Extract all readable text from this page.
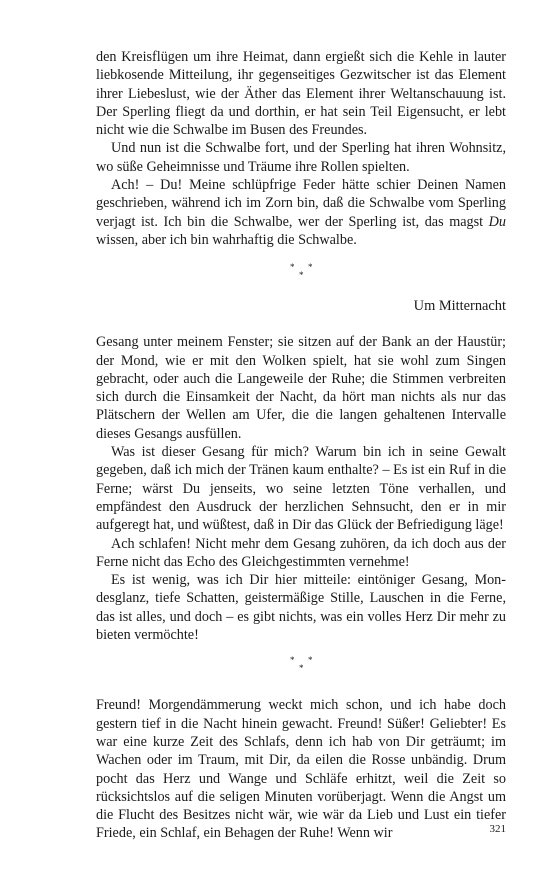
den Kreisflügen um ihre Heimat, dann ergießt sich die Kehle in lauter liebkosende Mitteilung, ihr gegenseitiges Gezwitscher ist das Element ihrer Liebeslust, wie der Äther das Element ihrer Weltanschauung ist. Der Sperling fliegt da und dorthin, er hat sein Teil Eigensucht, er lebt nicht wie die Schwalbe im Busen des Freundes.

Und nun ist die Schwalbe fort, und der Sperling hat ihren Wohnsitz, wo süße Geheimnisse und Träume ihre Rollen spielten.

Ach! – Du! Meine schlüpfrige Feder hätte schier Deinen Namen geschrieben, während ich im Zorn bin, daß die Schwalbe vom Sperling verjagt ist. Ich bin die Schwalbe, wer der Sperling ist, das magst Du wissen, aber ich bin wahrhaftig die Schwalbe.

* *
*
Um Mitternacht

Gesang unter meinem Fenster; sie sitzen auf der Bank an der Haustür; der Mond, wie er mit den Wolken spielt, hat sie wohl zum Singen gebracht, oder auch die Langeweile der Ruhe; die Stimmen verbreiten sich durch die Einsamkeit der Nacht, da hört man nichts als nur das Plätschern der Wellen am Ufer, die die langen gehaltenen Intervalle dieses Gesangs ausfüllen.

Was ist dieser Gesang für mich? Warum bin ich in seine Gewalt gegeben, daß ich mich der Tränen kaum enthalte? – Es ist ein Ruf in die Ferne; wärst Du jenseits, wo seine letzten Töne verhallen, und empfändest den Ausdruck der herzlichen Sehnsucht, den er in mir aufgeregt hat, und wüßtest, daß in Dir das Glück der Befriedigung läge!

Ach schlafen! Nicht mehr dem Gesang zuhören, da ich doch aus der Ferne nicht das Echo des Gleichgestimmten vernehme!

Es ist wenig, was ich Dir hier mitteile: eintöniger Gesang, Mondesglanz, tiefe Schatten, geistermäßige Stille, Lauschen in die Ferne, das ist alles, und doch – es gibt nichts, was ein volles Herz Dir mehr zu bieten vermöchte!

* *
*

Freund! Morgendämmerung weckt mich schon, und ich habe doch gestern tief in die Nacht hinein gewacht. Freund! Süßer! Geliebter! Es war eine kurze Zeit des Schlafs, denn ich hab von Dir geträumt; im Wachen oder im Traum, mit Dir, da eilen die Rosse unbändig. Drum pocht das Herz und Wange und Schläfe erhitzt, weil die Zeit so rücksichtslos auf die seligen Minuten vorüberjagt. Wenn die Angst um die Flucht des Besitzes nicht wär, wie wär da Lieb und Lust ein tiefer Friede, ein Schlaf, ein Behagen der Ruhe! Wenn wir	321
